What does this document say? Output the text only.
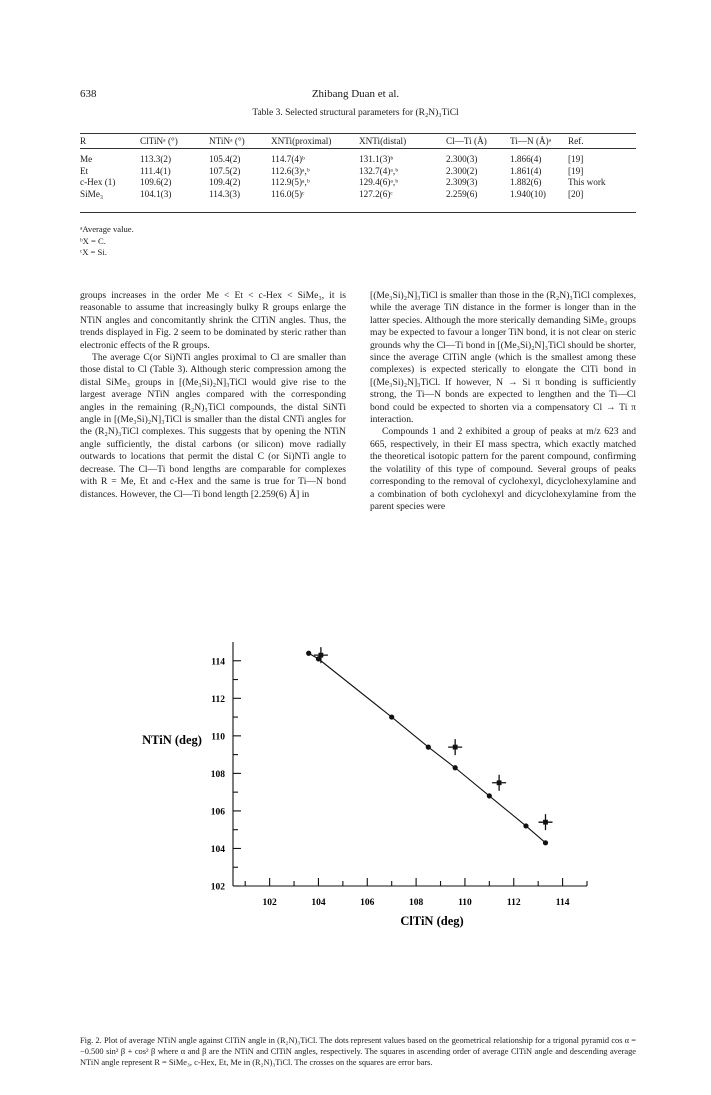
638	Zhibang Duan et al.
Table 3. Selected structural parameters for (R₂N)₃TiCl
R	ClTiNᵃ (°)	NTiNᵃ (°)	XNTi(proximal)	XNTi(distal)	Cl—Ti (Å)	Ti—N (Å)ᵃ	Ref.

Me	113.3(2)	105.4(2)	114.7(4)ᵇ	131.1(3)ᵇ	2.300(3)	1.866(4)	[19]
Et	111.4(1)	107.5(2)	112.6(3)ᵃ,ᵇ	132.7(4)ᵃ,ᵇ	2.300(2)	1.861(4)	[19]
c-Hex (1)	109.6(2)	109.4(2)	112.9(5)ᵃ,ᵇ	129.4(6)ᵃ,ᵇ	2.309(3)	1.882(6)	This work
SiMe₃	104.1(3)	114.3(3)	116.0(5)ᶜ	127.2(6)ᶜ	2.259(6)	1.940(10)	[20]
ᵃAverage value.
ᵇX = C.
ᶜX = Si.

groups increases in the order Me < Et < c-Hex < SiMe₃, it is reasonable to assume that increasingly bulky R groups enlarge the NTiN angles and concomitantly shrink the ClTiN angles. Thus, the trends displayed in Fig. 2 seem to be dominated by steric rather than electronic effects of the R groups.

The average C(or Si)NTi angles proximal to Cl are smaller than those distal to Cl (Table 3). Although steric compression among the distal SiMe₃ groups in [(Me₃Si)₂N]₃TiCl would give rise to the largest average NTiN angles compared with the corresponding angles in the remaining (R₂N)₃TiCl compounds, the distal SiNTi angle in [(Me₃Si)₂N]₃TiCl is smaller than the distal CNTi angles for the (R₂N)₃TiCl complexes. This suggests that by opening the NTiN angle sufficiently, the distal carbons (or silicon) move radially outwards to locations that permit the distal C (or Si)NTi angle to decrease. The Cl—Ti bond lengths are comparable for complexes with R = Me, Et and c-Hex and the same is true for Ti—N bond distances. However, the Cl—Ti bond length [2.259(6) Å] in

[(Me₃Si)₂N]₃TiCl is smaller than those in the (R₂N)₃TiCl complexes, while the average TiN distance in the former is longer than in the latter species. Although the more sterically demanding SiMe₃ groups may be expected to favour a longer TiN bond, it is not clear on steric grounds why the Cl—Ti bond in [(Me₃Si)₂N]₃TiCl should be shorter, since the average ClTiN angle (which is the smallest among these complexes) is expected sterically to elongate the ClTi bond in [(Me₃Si)₂N]₃TiCl. If however, N → Si π bonding is sufficiently strong, the Ti—N bonds are expected to lengthen and the Ti—Cl bond could be expected to shorten via a compensatory Cl → Ti π interaction.

Compounds 1 and 2 exhibited a group of peaks at m/z 623 and 665, respectively, in their EI mass spectra, which exactly matched the theoretical isotopic pattern for the parent compound, confirming the volatility of this type of compound. Several groups of peaks corresponding to the removal of cyclohexyl, dicyclohexylamine and a combination of both cyclohexyl and dicyclohexylamine from the parent species were

102
104
106
108
110
112
114
102	104	106	108	110	112	114
ClTiN (deg)
NTiN (deg)
Fig. 2. Plot of average NTiN angle against ClTiN angle in (R₂N)₃TiCl. The dots represent values based on the geometrical relationship for a trigonal pyramid cos α = −0.500 sin² β + cos² β where α and β are the NTiN and ClTiN angles, respectively. The squares in ascending order of average ClTiN angle and descending average NTiN angle represent R = SiMe₃, c-Hex, Et, Me in (R₂N)₃TiCl. The crosses on the squares are error bars.
